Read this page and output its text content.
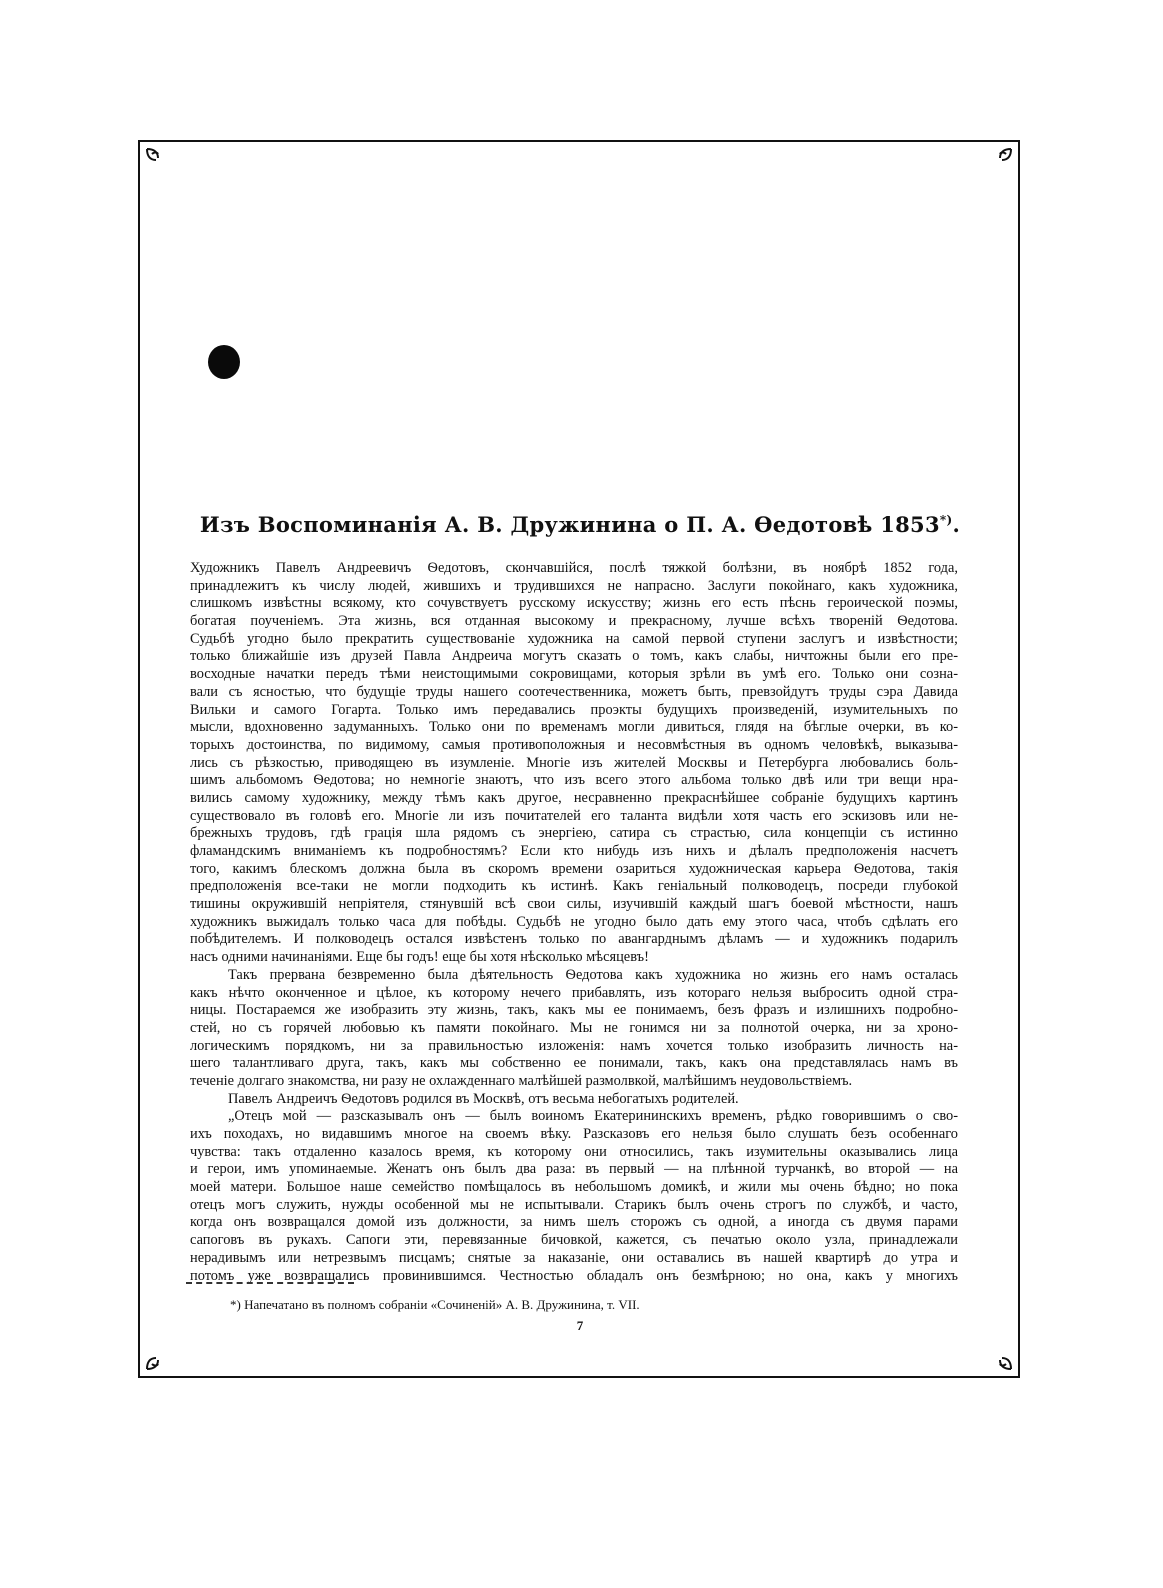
Изъ Воспоминанія А. В. Дружинина о П. А. Ѳедотовѣ 1853*).
Художникъ Павелъ Андреевичъ Ѳедотовъ, скончавшійся, послѣ тяжкой болѣзни, въ ноябрѣ 1852 года,
принадлежитъ къ числу людей, жившихъ и трудившихся не напрасно. Заслуги покойнаго, какъ художника,
слишкомъ извѣстны всякому, кто сочувствуетъ русскому искусству; жизнь его есть пѣснь героической поэмы,
богатая поученіемъ. Эта жизнь, вся отданная высокому и прекрасному, лучше всѣхъ твореній Ѳедотова.
Судьбѣ угодно было прекратить существованіе художника на самой первой ступени заслугъ и извѣстности;
только ближайшіе изъ друзей Павла Андреича могутъ сказать о томъ, какъ слабы, ничтожны были его пре-
восходные начатки передъ тѣми неистощимыми сокровищами, которыя зрѣли въ умѣ его. Только они созна-
вали съ ясностью, что будущіе труды нашего соотечественника, можетъ быть, превзойдутъ труды сэра Давида
Вильки и самого Гогарта. Только имъ передавались проэкты будущихъ произведеній, изумительныхъ по
мысли, вдохновенно задуманныхъ. Только они по временамъ могли дивиться, глядя на бѣглые очерки, въ ко-
торыхъ достоинства, по видимому, самыя противоположныя и несовмѣстныя въ одномъ человѣкѣ, выказыва-
лись съ рѣзкостью, приводящею въ изумленіе. Многіе изъ жителей Москвы и Петербурга любовались боль-
шимъ альбомомъ Ѳедотова; но немногіе знаютъ, что изъ всего этого альбома только двѣ или три вещи нра-
вились самому художнику, между тѣмъ какъ другое, несравненно прекраснѣйшее собраніе будущихъ картинъ
существовало въ головѣ его. Многіе ли изъ почитателей его таланта видѣли хотя часть его эскизовъ или не-
брежныхъ трудовъ, гдѣ грація шла рядомъ съ энергіею, сатира съ страстью, сила концепціи съ истинно
фламандскимъ вниманіемъ къ подробностямъ? Если кто нибудь изъ нихъ и дѣлалъ предположенія насчетъ
того, какимъ блескомъ должна была въ скоромъ времени озариться художническая карьера Ѳедотова, такія
предположенія все-таки не могли подходить къ истинѣ. Какъ геніальный полководецъ, посреди глубокой
тишины окружившій непріятеля, стянувшій всѣ свои силы, изучившій каждый шагъ боевой мѣстности, нашъ
художникъ выжидалъ только часа для побѣды. Судьбѣ не угодно было дать ему этого часа, чтобъ сдѣлать его
побѣдителемъ. И полководецъ остался извѣстенъ только по авангарднымъ дѣламъ — и художникъ подарилъ
насъ одними начинаніями. Еще бы годъ! еще бы хотя нѣсколько мѣсяцевъ!
Такъ прервана безвременно была дѣятельность Ѳедотова какъ художника но жизнь его намъ осталась
какъ нѣчто оконченное и цѣлое, къ которому нечего прибавлять, изъ котораго нельзя выбросить одной стра-
ницы. Постараемся же изобразить эту жизнь, такъ, какъ мы ее понимаемъ, безъ фразъ и излишнихъ подробно-
стей, но съ горячей любовью къ памяти покойнаго. Мы не гонимся ни за полнотой очерка, ни за хроно-
логическимъ порядкомъ, ни за правильностью изложенія: намъ хочется только изобразить личность на-
шего талантливаго друга, такъ, какъ мы собственно ее понимали, такъ, какъ она представлялась намъ въ
теченіе долгаго знакомства, ни разу не охлажденнаго малѣйшей размолвкой, малѣйшимъ неудовольствіемъ.
Павелъ Андреичъ Ѳедотовъ родился въ Москвѣ, отъ весьма небогатыхъ родителей.
„Отецъ мой — разсказывалъ онъ — былъ воиномъ Екатерининскихъ временъ, рѣдко говорившимъ о сво-
ихъ походахъ, но видавшимъ многое на своемъ вѣку. Разсказовъ его нельзя было слушать безъ особеннаго
чувства: такъ отдаленно казалось время, къ которому они относились, такъ изумительны оказывались лица
и герои, имъ упоминаемые. Женатъ онъ былъ два раза: въ первый — на плѣнной турчанкѣ, во второй — на
моей матери. Большое наше семейство помѣщалось въ небольшомъ домикѣ, и жили мы очень бѣдно; но пока
отецъ могъ служить, нужды особенной мы не испытывали. Старикъ былъ очень строгъ по службѣ, и часто,
когда онъ возвращался домой изъ должности, за нимъ шелъ сторожъ съ одной, а иногда съ двумя парами
сапоговъ въ рукахъ. Сапоги эти, перевязанные бичовкой, кажется, съ печатью около узла, принадлежали
нерадивымъ или нетрезвымъ писцамъ; снятые за наказаніе, они оставались въ нашей квартирѣ до утра и
потомъ уже возвращались провинившимся. Честностью обладалъ онъ безмѣрною; но она, какъ у многихъ
*) Напечатано въ полномъ собраніи «Сочиненій» А. В. Дружинина, т. VII.
7
